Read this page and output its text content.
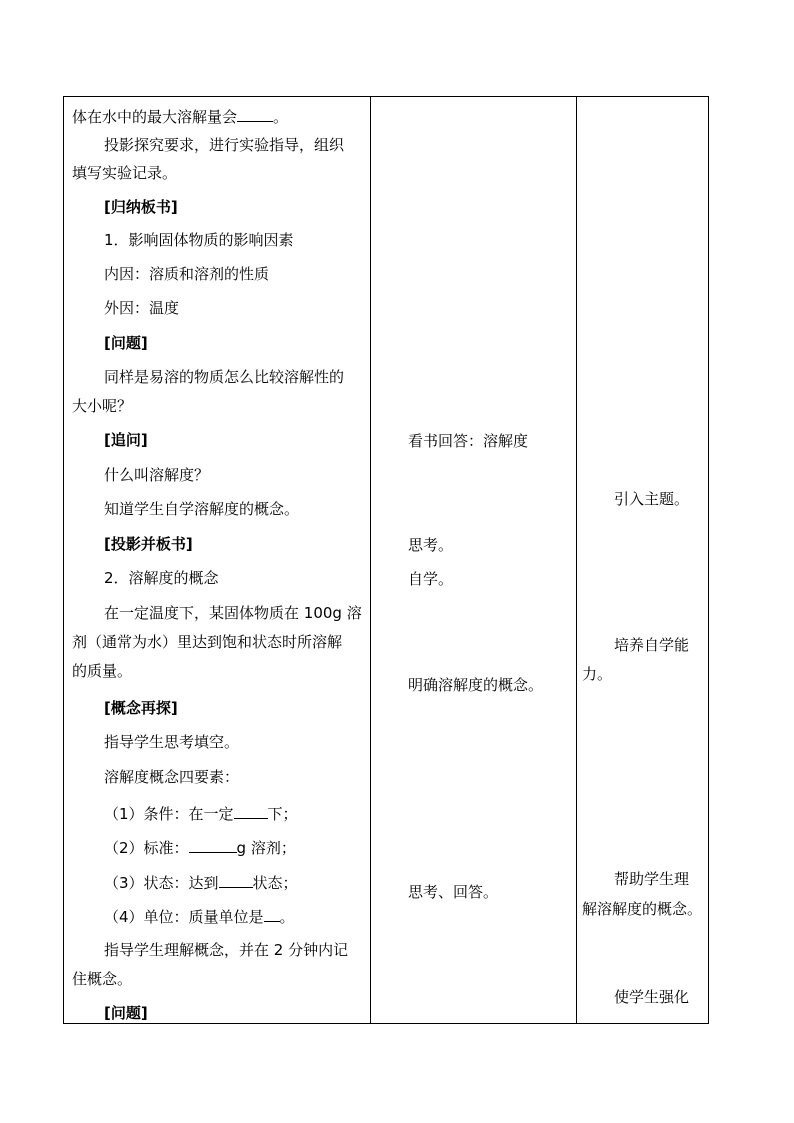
体在水中的最大溶解量会 。
投影探究要求，进行实验指导，组织
填写实验记录。
[归纳板书]
1．影响固体物质的影响因素
内因：溶质和溶剂的性质
外因：温度
[问题]
同样是易溶的物质怎么比较溶解性的
大小呢？
[追问]
什么叫溶解度？
知道学生自学溶解度的概念。
[投影并板书]
2．溶解度的概念
在一定温度下，某固体物质在 100g 溶
剂（通常为水）里达到饱和状态时所溶解
的质量。
[概念再探]
指导学生思考填空。
溶解度概念四要素：
（1）条件：在一定 下；
（2）标准：	g 溶剂；
（3）状态：达到 状态；
（4）单位：质量单位是 。
指导学生理解概念，并在 2 分钟内记
住概念。
[问题]
看书回答：溶解度
思考。
自学。
明确溶解度的概念。
思考、回答。
引入主题。
培养自学能
力。
帮助学生理
解溶解度的概念。
使学生强化
